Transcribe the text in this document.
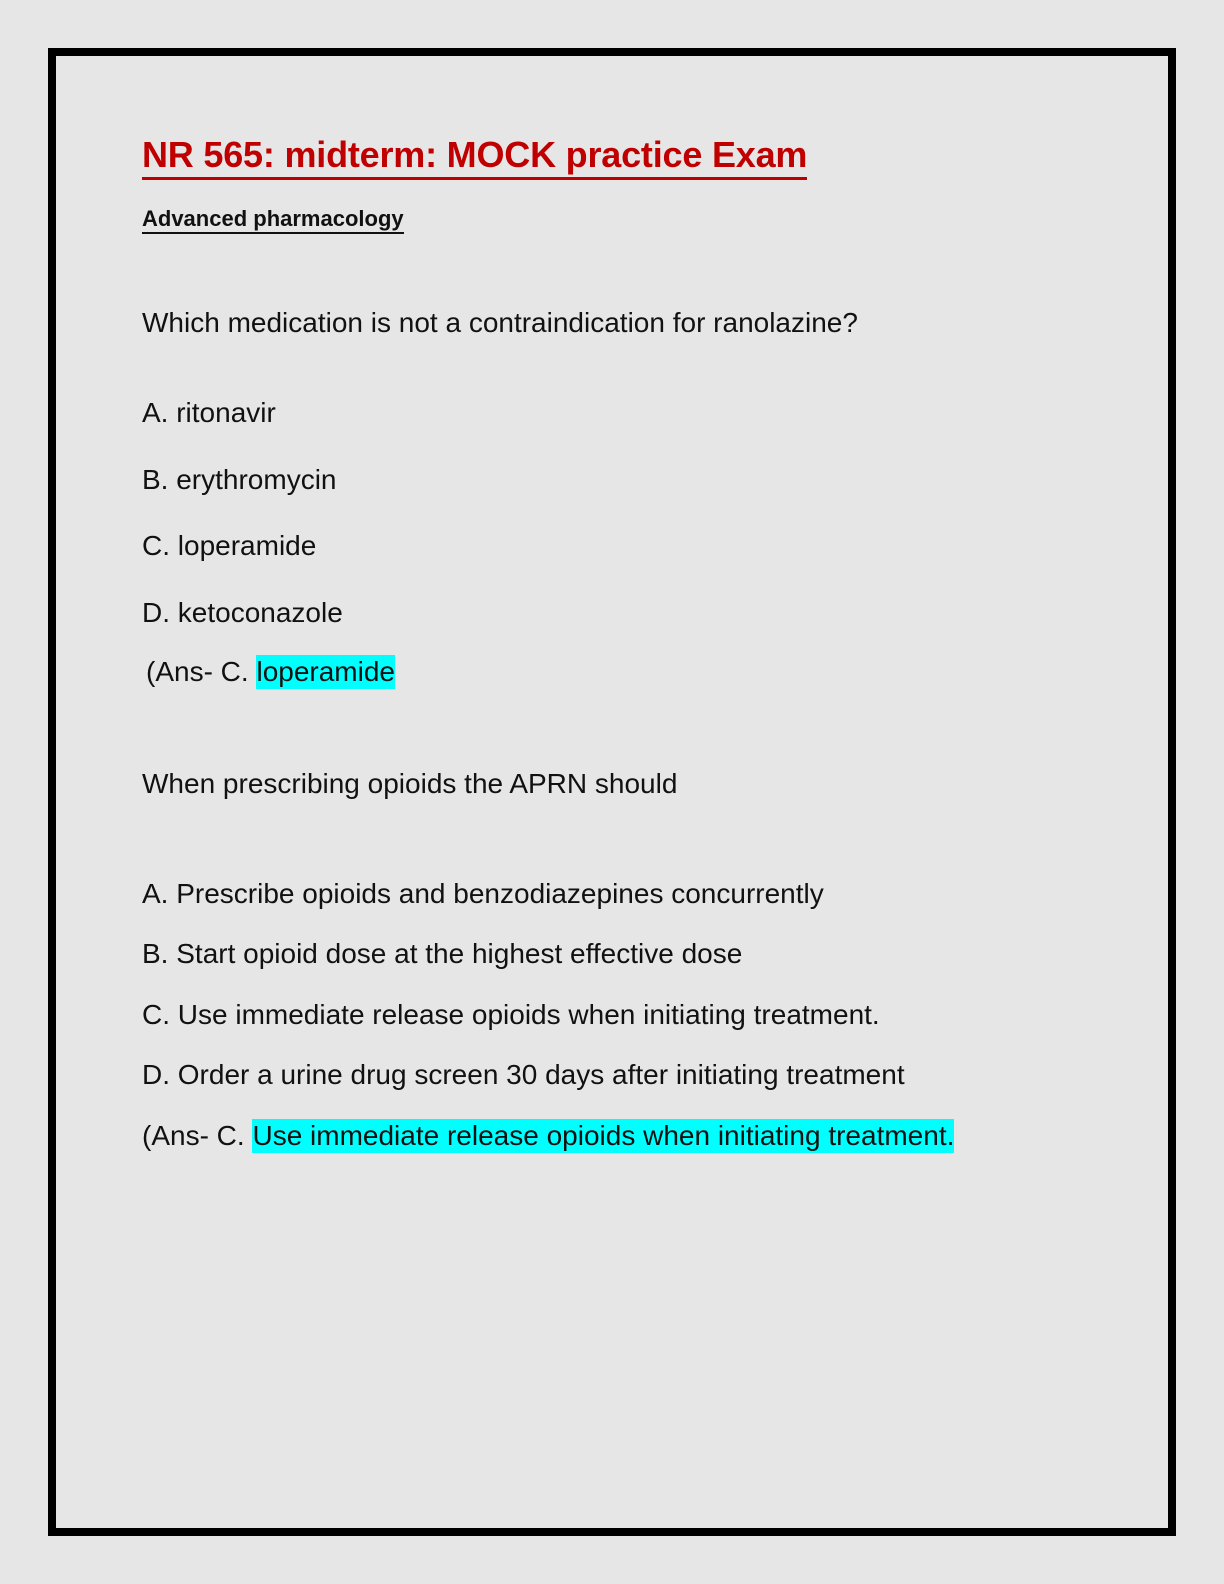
NR 565: midterm: MOCK practice Exam
Advanced pharmacology

Which medication is not a contraindication for ranolazine?

A. ritonavir
B. erythromycin
C. loperamide
D. ketoconazole

(Ans- C. loperamide

When prescribing opioids the APRN should

A. Prescribe opioids and benzodiazepines concurrently
B. Start opioid dose at the highest effective dose
C. Use immediate release opioids when initiating treatment.
D. Order a urine drug screen 30 days after initiating treatment

(Ans- C. Use immediate release opioids when initiating treatment.
